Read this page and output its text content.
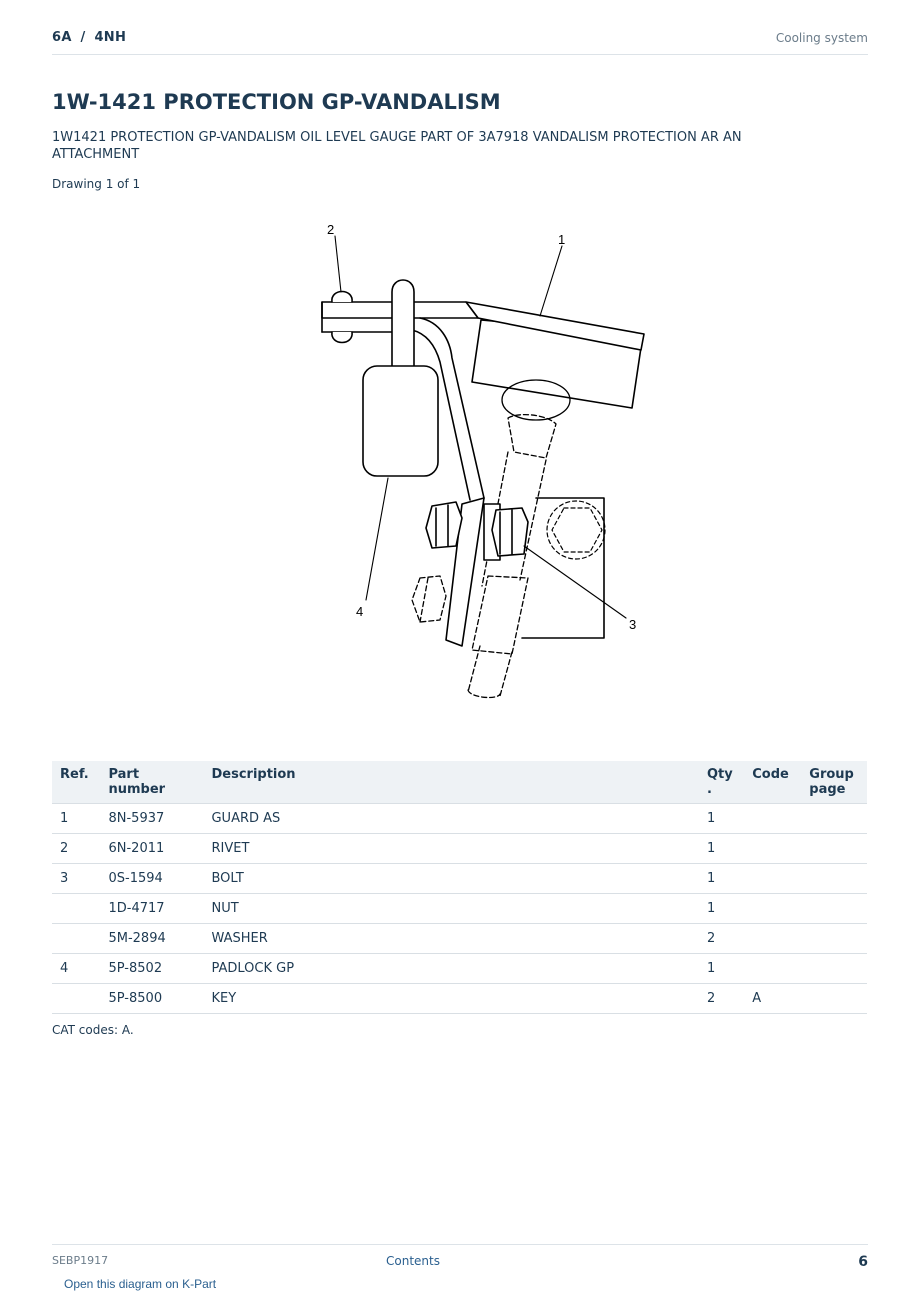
6A / 4NH	Cooling system
1W-1421 PROTECTION GP-VANDALISM
1W1421 PROTECTION GP-VANDALISM OIL LEVEL GAUGE PART OF 3A7918 VANDALISM PROTECTION AR AN ATTACHMENT
Drawing 1 of 1
2
1
3
4
Ref.	Part number	Description	Qty .	Code	Group page
1	8N-5937	GUARD AS	1		
2	6N-2011	RIVET	1		
3	0S-1594	BOLT	1		
	1D-4717	NUT	1		
	5M-2894	WASHER	2		
4	5P-8502	PADLOCK GP	1		
	5P-8500	KEY	2	A	
CAT codes: A.
SEBP1917	Contents	6
Open this diagram on K-Part
